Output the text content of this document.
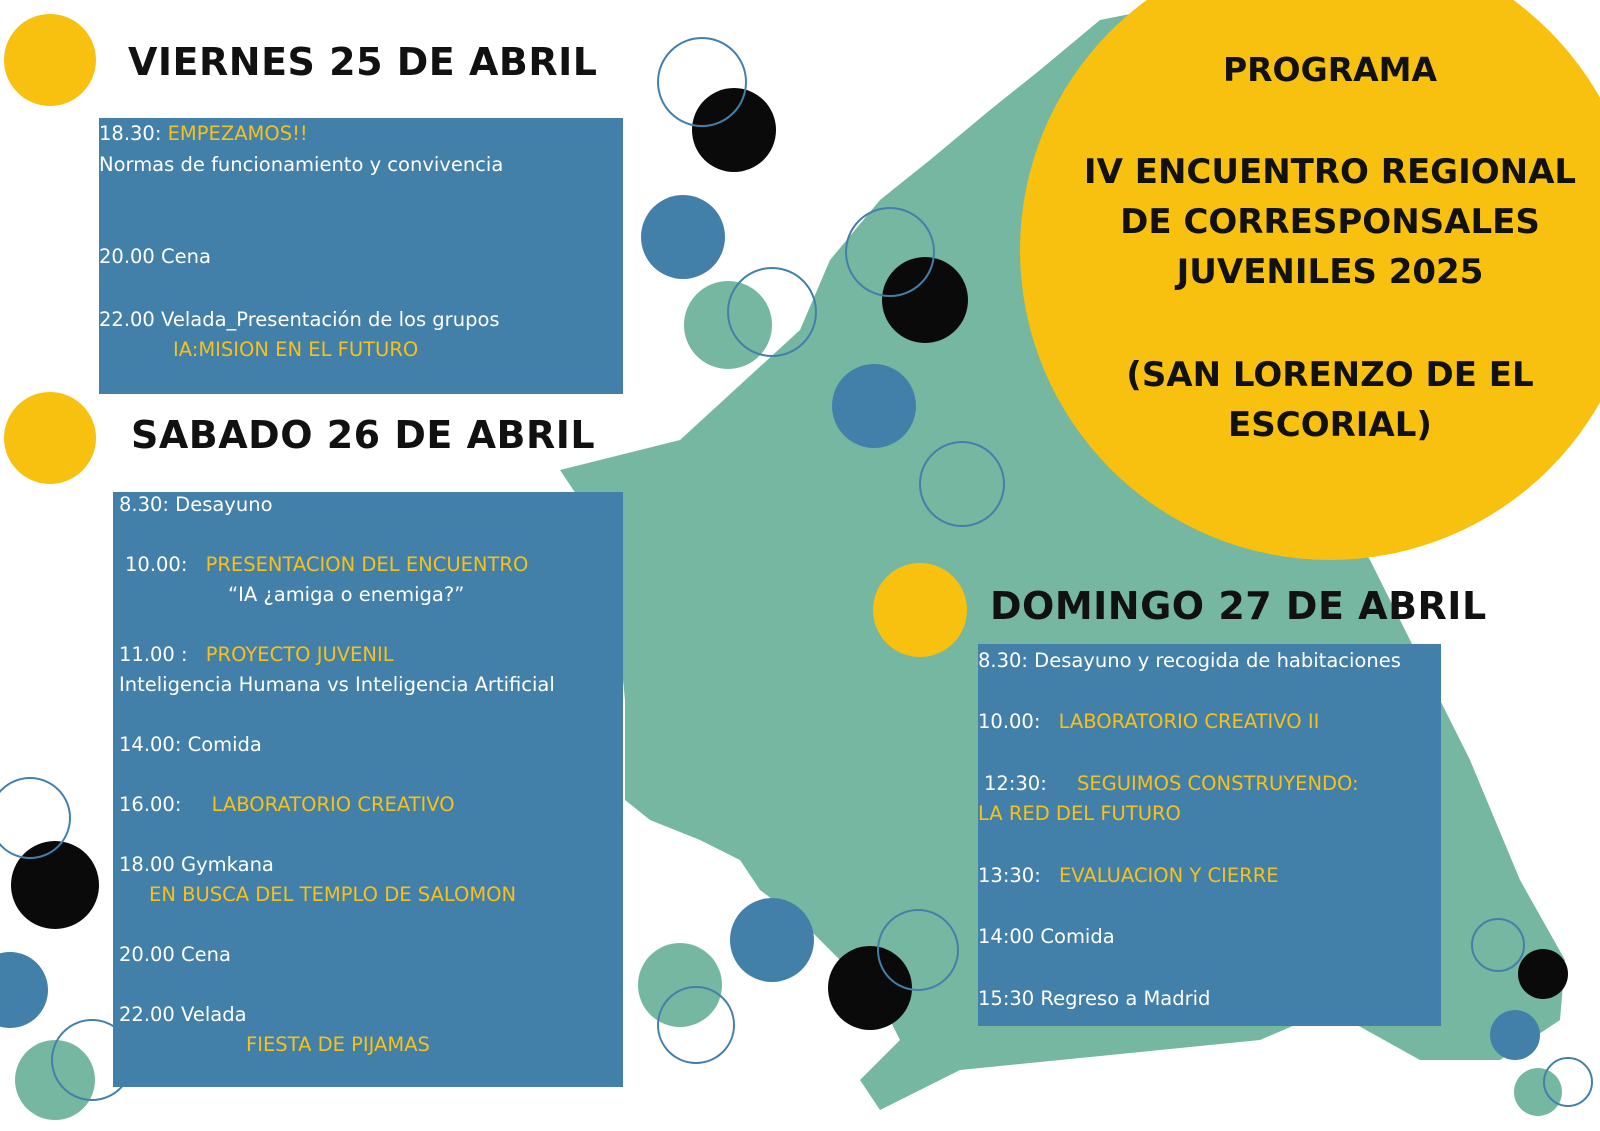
PROGRAMA
IV ENCUENTRO REGIONAL
DE CORRESPONSALES
JUVENILES 2025
(SAN LORENZO DE EL
ESCORIAL)
VIERNES 25 DE ABRIL
18.30: EMPEZAMOS!!
Normas de funcionamiento y convivencia
20.00 Cena
22.00 Velada_Presentación de los grupos
IA:MISION EN EL FUTURO
SABADO 26 DE ABRIL
8.30: Desayuno
10.00: PRESENTACION DEL ENCUENTRO
“IA ¿amiga o enemiga?”
11.00 : PROYECTO JUVENIL
Inteligencia Humana vs Inteligencia Artificial
14.00: Comida
16.00: LABORATORIO CREATIVO
18.00 Gymkana
EN BUSCA DEL TEMPLO DE SALOMON
20.00 Cena
22.00 Velada
FIESTA DE PIJAMAS
DOMINGO 27 DE ABRIL
8.30: Desayuno y recogida de habitaciones
10.00: LABORATORIO CREATIVO II
12:30: SEGUIMOS CONSTRUYENDO:
LA RED DEL FUTURO
13:30: EVALUACION Y CIERRE
14:00 Comida
15:30 Regreso a Madrid
